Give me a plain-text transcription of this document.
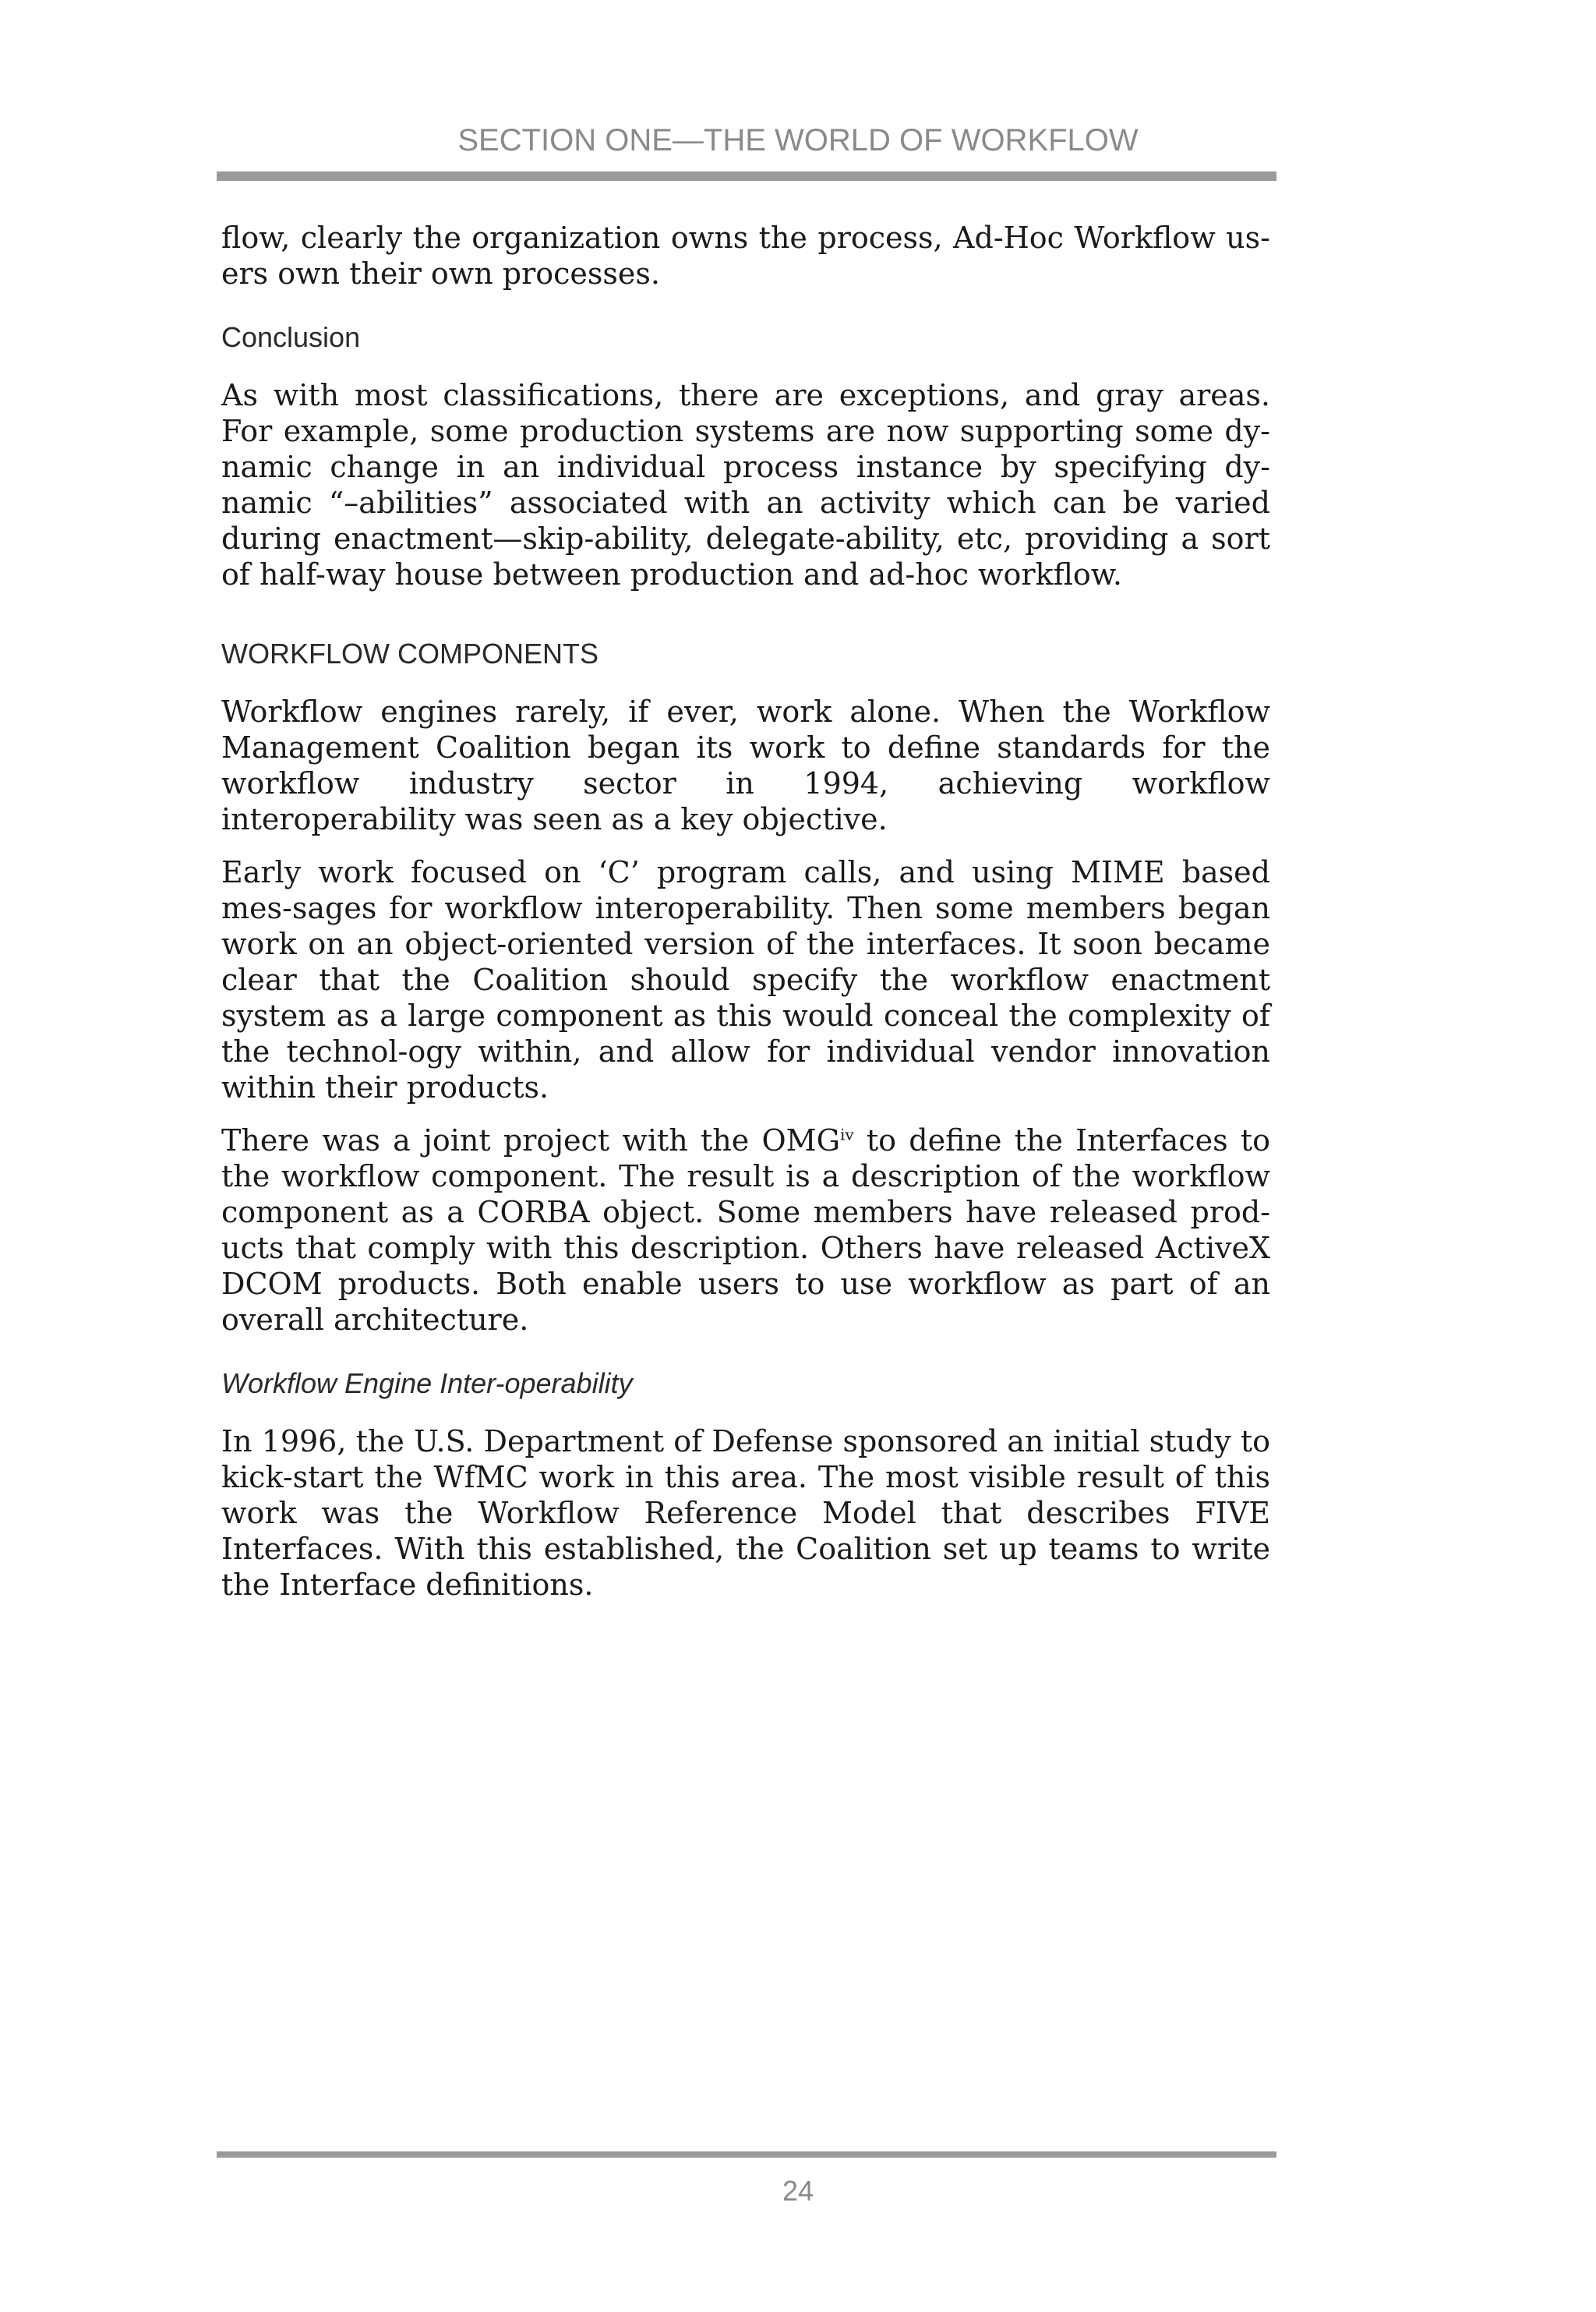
SECTION ONE—THE WORLD OF WORKFLOW

flow, clearly the organization owns the process, Ad-Hoc Workflow us-ers own their own processes.

Conclusion

As with most classifications, there are exceptions, and gray areas. For example, some production systems are now supporting some dy-namic change in an individual process instance by specifying dy-namic “–abilities” associated with an activity which can be varied during enactment—skip-ability, delegate-ability, etc, providing a sort of half-way house between production and ad-hoc workflow.

WORKFLOW COMPONENTS

Workflow engines rarely, if ever, work alone. When the Workflow Management Coalition began its work to define standards for the workflow industry sector in 1994, achieving workflow interoperability was seen as a key objective.

Early work focused on ‘C’ program calls, and using MIME based mes-sages for workflow interoperability. Then some members began work on an object-oriented version of the interfaces. It soon became clear that the Coalition should specify the workflow enactment system as a large component as this would conceal the complexity of the technol-ogy within, and allow for individual vendor innovation within their products.

There was a joint project with the OMG$^{iv}$ to define the Interfaces to the workflow component. The result is a description of the workflow component as a CORBA object. Some members have released prod-ucts that comply with this description. Others have released ActiveX DCOM products. Both enable users to use workflow as part of an overall architecture.

Workflow Engine Inter-operability

In 1996, the U.S. Department of Defense sponsored an initial study to kick-start the WfMC work in this area. The most visible result of this work was the Workflow Reference Model that describes FIVE Interfaces. With this established, the Coalition set up teams to write the Interface definitions.

24
